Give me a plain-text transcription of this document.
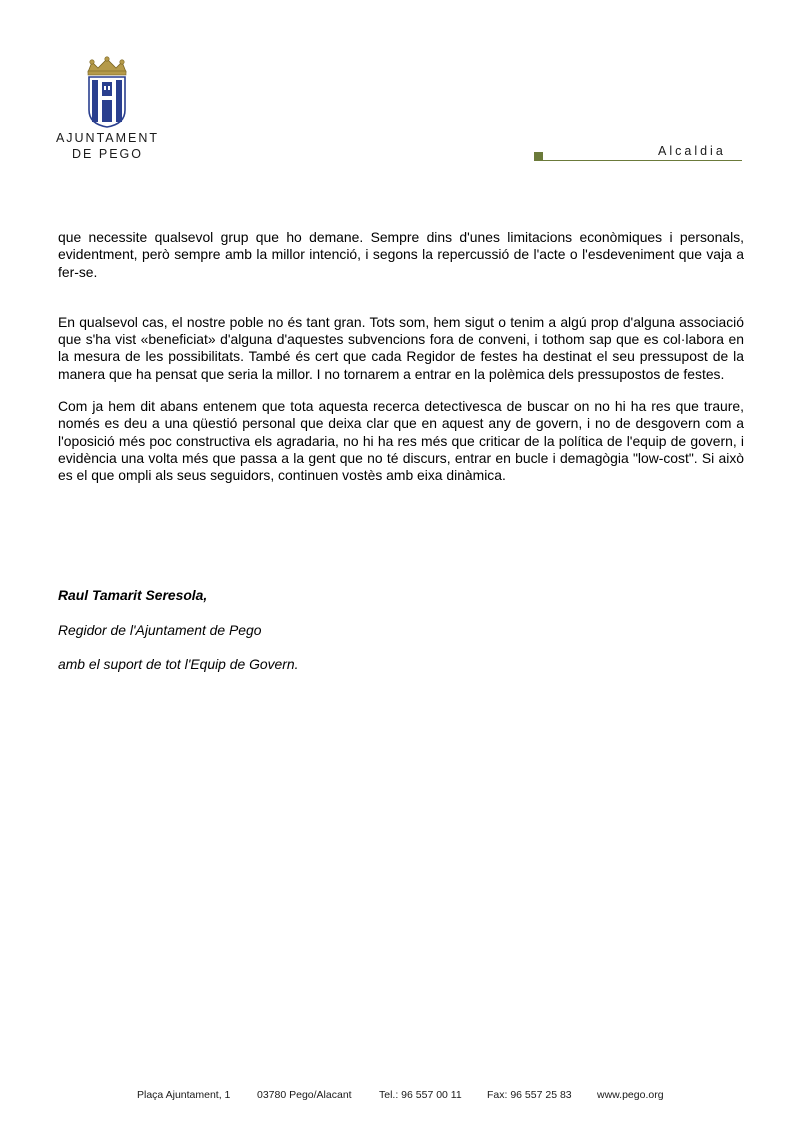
AJUNTAMENT
DE PEGO	Alcaldia

que necessite qualsevol grup que ho demane. Sempre dins d'unes limitacions econòmiques i personals, evidentment, però sempre amb la millor intenció, i segons la repercussió de l'acte o l'esdeveniment que vaja a fer-se.

En qualsevol cas, el nostre poble no és tant gran. Tots som, hem sigut o tenim a algú prop d'alguna associació que s'ha vist «beneficiat» d'alguna d'aquestes subvencions fora de conveni, i tothom sap que es col·labora en la mesura de les possibilitats. També és cert que cada Regidor de festes ha destinat el seu pressupost de la manera que ha pensat que seria la millor. I no tornarem a entrar en la polèmica dels pressupostos de festes.

Com ja hem dit abans entenem que tota aquesta recerca detectivesca de buscar on no hi ha res que traure, només es deu a una qüestió personal que deixa clar que en aquest any de govern, i no de desgovern com a l'oposició més poc constructiva els agradaria, no hi ha res més que criticar de la política de l'equip de govern, i evidència una volta més que passa a la gent que no té discurs, entrar en bucle i demagògia "low-cost". Si això es el que ompli als seus seguidors, continuen vostès amb eixa dinàmica.

Raul Tamarit Seresola,
Regidor de l'Ajuntament de Pego
amb el suport de tot l'Equip de Govern.
Plaça Ajuntament, 1	03780 Pego/Alacant	Tel.: 96 557 00 11 Fax: 96 557 25 83 www.pego.org
